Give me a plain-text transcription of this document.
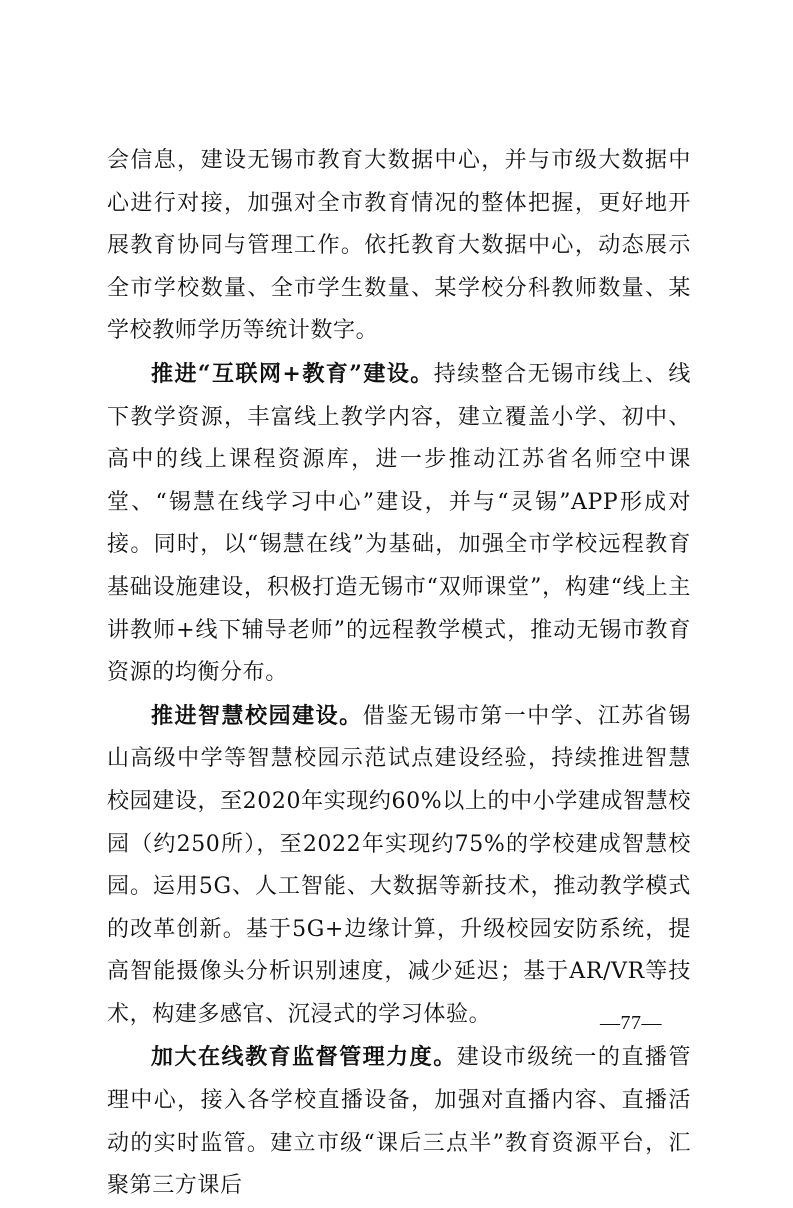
会信息，建设无锡市教育大数据中心，并与市级大数据中心进行对接，加强对全市教育情况的整体把握，更好地开展教育协同与管理工作。依托教育大数据中心，动态展示全市学校数量、全市学生数量、某学校分科教师数量、某学校教师学历等统计数字。

推进“互联网+教育”建设。持续整合无锡市线上、线下教学资源，丰富线上教学内容，建立覆盖小学、初中、高中的线上课程资源库，进一步推动江苏省名师空中课堂、“锡慧在线学习中心”建设，并与“灵锡”APP形成对接。同时，以“锡慧在线”为基础，加强全市学校远程教育基础设施建设，积极打造无锡市“双师课堂”，构建“线上主讲教师+线下辅导老师”的远程教学模式，推动无锡市教育资源的均衡分布。

推进智慧校园建设。借鉴无锡市第一中学、江苏省锡山高级中学等智慧校园示范试点建设经验，持续推进智慧校园建设，至2020年实现约60%以上的中小学建成智慧校园（约250所），至2022年实现约75%的学校建成智慧校园。运用5G、人工智能、大数据等新技术，推动教学模式的改革创新。基于5G+边缘计算，升级校园安防系统，提高智能摄像头分析识别速度，减少延迟；基于AR/VR等技术，构建多感官、沉浸式的学习体验。

加大在线教育监督管理力度。建设市级统一的直播管理中心，接入各学校直播设备，加强对直播内容、直播活动的实时监管。建立市级“课后三点半”教育资源平台，汇聚第三方课后

—77—
